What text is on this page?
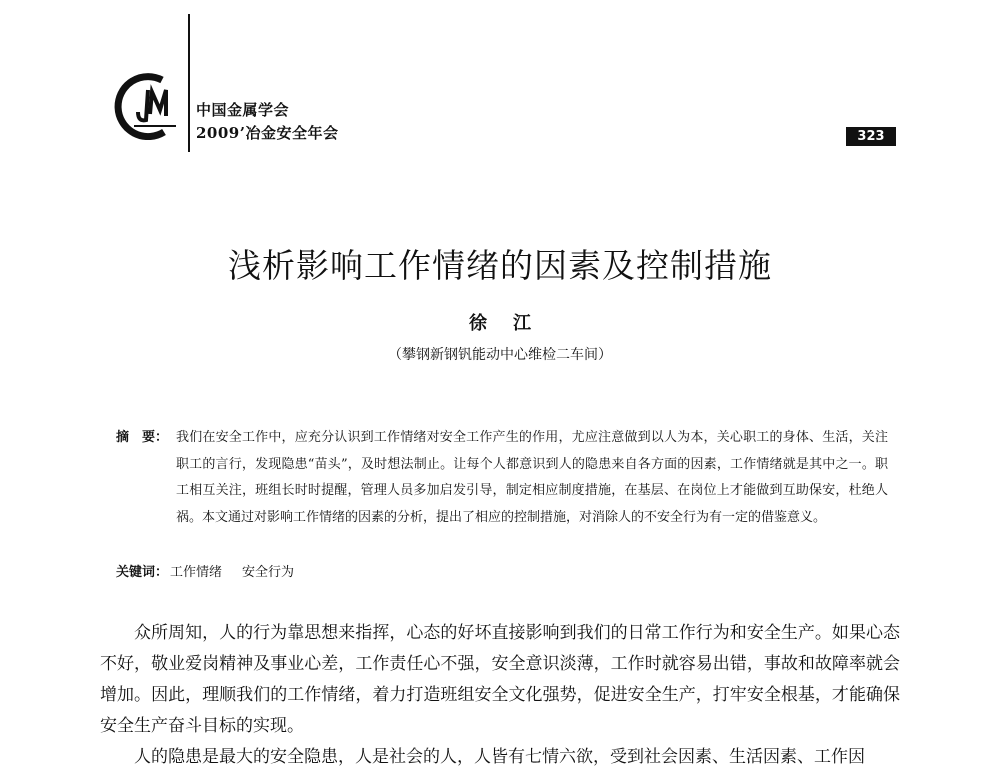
中国金属学会
2009’冶金安全年会	323
浅析影响工作情绪的因素及控制措施
徐江
（攀钢新钢钒能动中心维检二车间）
摘　要： 我们在安全工作中，应充分认识到工作情绪对安全工作产生的作用，尤应注意做到以人为本，关心职工的身体、生活，关注职工的言行，发现隐患“苗头”，及时想法制止。让每个人都意识到人的隐患来自各方面的因素，工作情绪就是其中之一。职工相互关注，班组长时时提醒，管理人员多加启发引导，制定相应制度措施，在基层、在岗位上才能做到互助保安，杜绝人祸。本文通过对影响工作情绪的因素的分析，提出了相应的控制措施，对消除人的不安全行为有一定的借鉴意义。
关键词： 工作情绪 安全行为
众所周知，人的行为靠思想来指挥，心态的好坏直接影响到我们的日常工作行为和安全生产。如果心态不好，敬业爱岗精神及事业心差，工作责任心不强，安全意识淡薄，工作时就容易出错，事故和故障率就会增加。因此，理顺我们的工作情绪，着力打造班组安全文化强势，促进安全生产，打牢安全根基，才能确保安全生产奋斗目标的实现。
人的隐患是最大的安全隐患，人是社会的人，人皆有七情六欲，受到社会因素、生活因素、工作因
